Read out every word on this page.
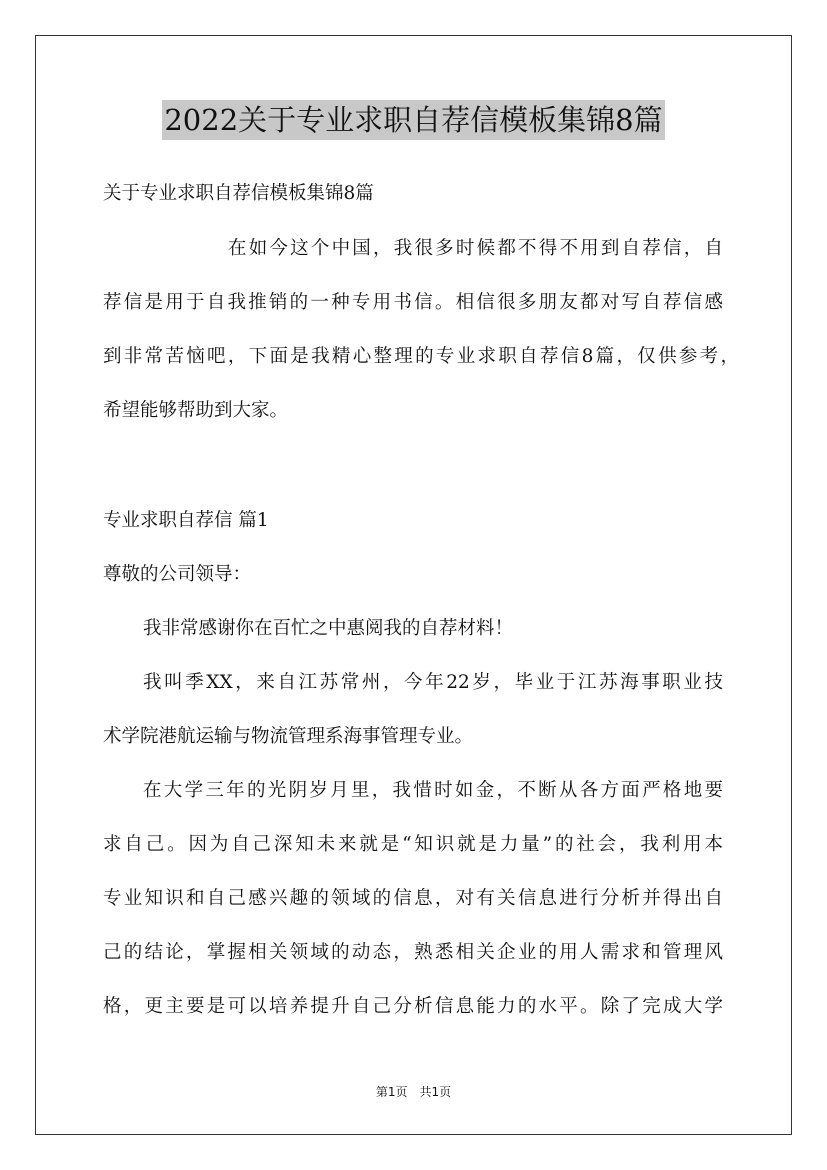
2022关于专业求职自荐信模板集锦8篇
关于专业求职自荐信模板集锦8篇
在如今这个中国，我很多时候都不得不用到自荐信，自
荐信是用于自我推销的一种专用书信。相信很多朋友都对写自荐信感
到非常苦恼吧，下面是我精心整理的专业求职自荐信8篇，仅供参考，
希望能够帮助到大家。
专业求职自荐信 篇1
尊敬的公司领导：
我非常感谢你在百忙之中惠阅我的自荐材料！
我叫季XX，来自江苏常州，今年22岁，毕业于江苏海事职业技
术学院港航运输与物流管理系海事管理专业。
在大学三年的光阴岁月里，我惜时如金，不断从各方面严格地要
求自己。因为自己深知未来就是“知识就是力量”的社会，我利用本
专业知识和自己感兴趣的领域的信息，对有关信息进行分析并得出自
己的结论，掌握相关领域的动态，熟悉相关企业的用人需求和管理风
格，更主要是可以培养提升自己分析信息能力的水平。除了完成大学
第1页　共1页
